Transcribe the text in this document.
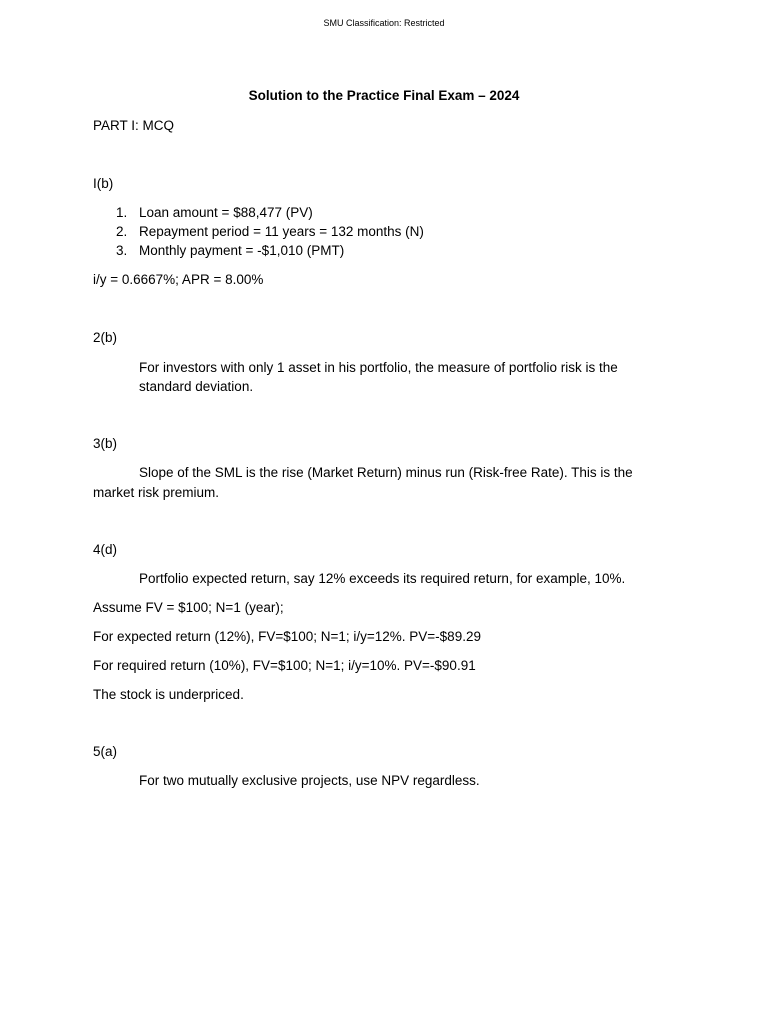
SMU Classification: Restricted
Solution to the Practice Final Exam – 2024
PART I: MCQ
I(b)
1. Loan amount = $88,477 (PV)
2. Repayment period = 11 years = 132 months (N)
3. Monthly payment = -$1,010 (PMT)
i/y = 0.6667%; APR = 8.00%
2(b)
For investors with only 1 asset in his portfolio, the measure of portfolio risk is the standard deviation.
3(b)
Slope of the SML is the rise (Market Return) minus run (Risk-free Rate). This is the
market risk premium.
4(d)
Portfolio expected return, say 12% exceeds its required return, for example, 10%.
Assume FV = $100; N=1 (year);
For expected return (12%), FV=$100; N=1; i/y=12%. PV=-$89.29
For required return (10%), FV=$100; N=1; i/y=10%. PV=-$90.91
The stock is underpriced.
5(a)
For two mutually exclusive projects, use NPV regardless.
